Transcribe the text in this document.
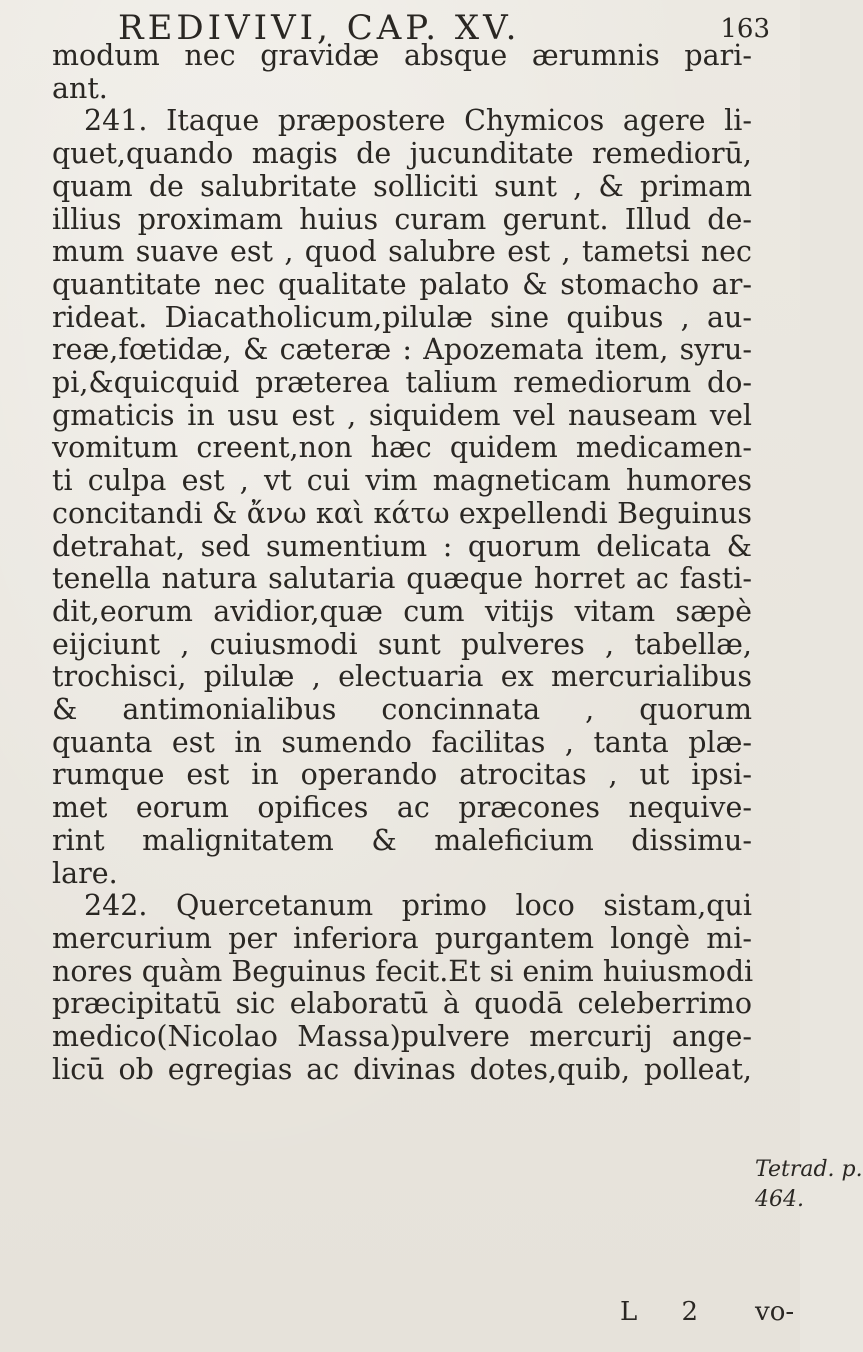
REDIVIVI, CAP. XV.	163
modum nec gravidæ absque ærumnis pari-
ant.
241. Itaque præpostere Chymicos agere li-
quet,quando magis de jucunditate remediorū,
quam de salubritate solliciti sunt , & primam
illius proximam huius curam gerunt. Illud de-
mum suave est , quod salubre est , tametsi nec
quantitate nec qualitate palato & stomacho ar-
rideat. Diacatholicum,pilulæ sine quibus , au-
reæ,fœtidæ, & cæteræ : Apozemata item, syru-
pi,&quicquid præterea talium remediorum do-
gmaticis in usu est , siquidem vel nauseam vel
vomitum creent,non hæc quidem medicamen-
ti culpa est , vt cui vim magneticam humores
concitandi & ἄνω καὶ κάτω expellendi Beguinus
detrahat, sed sumentium : quorum delicata &
tenella natura salutaria quæque horret ac fasti-
dit,eorum avidior,quæ cum vitijs vitam sæpè
eijciunt , cuiusmodi sunt pulveres , tabellæ,
trochisci, pilulæ , electuaria ex mercurialibus
& antimonialibus concinnata , quorum
quanta est in sumendo facilitas , tanta plæ-
rumque est in operando atrocitas , ut ipsi-
met eorum opifices ac præcones nequive-
rint malignitatem & maleficium dissimu-
lare.
242. Quercetanum primo loco sistam,qui
mercurium per inferiora purgantem longè mi-
nores quàm Beguinus fecit.Et si enim huiusmodi
præcipitatū sic elaboratū à quodā celeberrimo
medico(Nicolao Massa)pulvere mercurij ange-
licū ob egregias ac divinas dotes,quib, polleat,
Tetrad. p.
464.
L 2 vo-
